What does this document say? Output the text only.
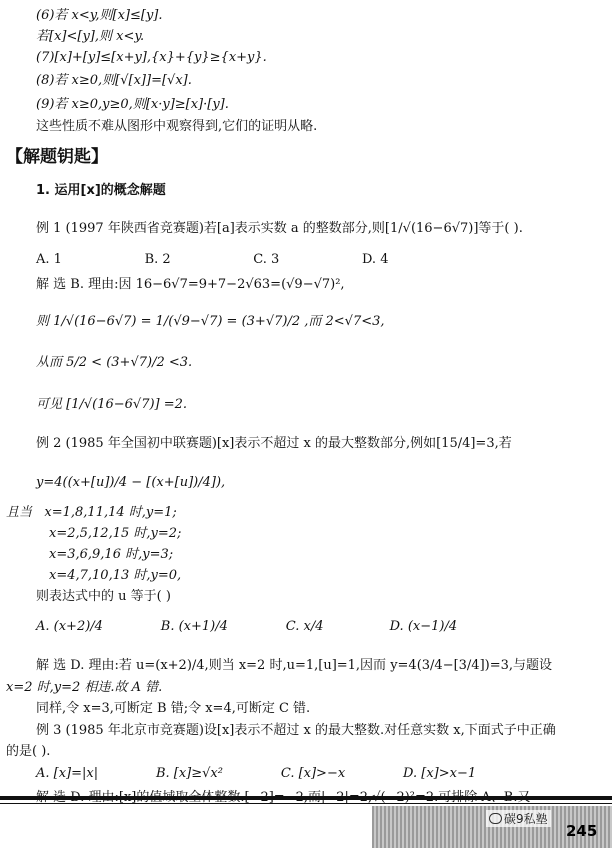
(6)若 x<y,则[x]≤[y].
若[x]<[y],则 x<y.
(7)[x]+[y]≤[x+y],{x}+{y}≥{x+y}.
(8)若 x≥0,则[√[x]]=[√x].
(9)若 x≥0,y≥0,则[x·y]≥[x]·[y].
这些性质不难从图形中观察得到,它们的证明从略.
【解题钥匙】
1. 运用[x]的概念解题
例 1 (1997 年陕西省竞赛题)若[a]表示实数 a 的整数部分,则[1/√(16−6√7)]等于( ).
A. 1                    B. 2                    C. 3                    D. 4
解 选 B. 理由:因 16−6√7=9+7−2√63=(√9−√7)²,
则 1/√(16−6√7) = 1/(√9−√7) = (3+√7)/2 ,而 2<√7<3,
从而 5/2 < (3+√7)/2 <3.
可见 [1/√(16−6√7)] =2.
例 2 (1985 年全国初中联赛题)[x]表示不超过 x 的最大整数部分,例如[15/4]=3,若
y=4((x+[u])/4 − [(x+[u])/4]),
且当   x=1,8,11,14 时,y=1;
x=2,5,12,15 时,y=2;
x=3,6,9,16 时,y=3;
x=4,7,10,13 时,y=0,
则表达式中的 u 等于( )
A. (x+2)/4              B. (x+1)/4              C. x/4                D. (x−1)/4
解 选 D. 理由:若 u=(x+2)/4,则当 x=2 时,u=1,[u]=1,因而 y=4(3/4−[3/4])=3,与题设
x=2 时,y=2 相违.故 A 错.
同样,令 x=3,可断定 B 错;令 x=4,可断定 C 错.
例 3 (1985 年北京市竞赛题)设[x]表示不超过 x 的最大整数.对任意实数 x,下面式子中正确
的是( ).
A. [x]=|x|              B. [x]≥√x²              C. [x]>−x              D. [x]>x−1
碳9私塾
245
